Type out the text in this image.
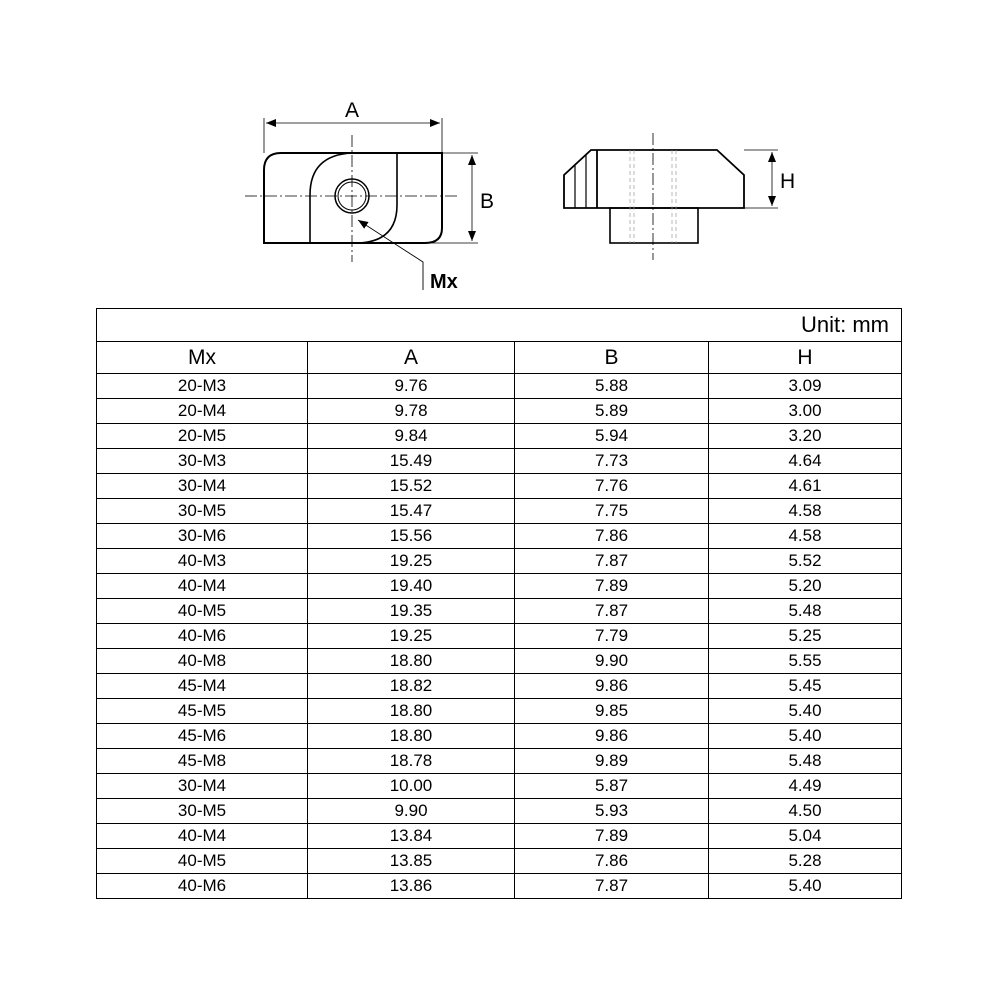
A
B
Mx
H
Unit: mm			
Mx	A	B	H
20-M3	9.76	5.88	3.09
20-M4	9.78	5.89	3.00
20-M5	9.84	5.94	3.20
30-M3	15.49	7.73	4.64
30-M4	15.52	7.76	4.61
30-M5	15.47	7.75	4.58
30-M6	15.56	7.86	4.58
40-M3	19.25	7.87	5.52
40-M4	19.40	7.89	5.20
40-M5	19.35	7.87	5.48
40-M6	19.25	7.79	5.25
40-M8	18.80	9.90	5.55
45-M4	18.82	9.86	5.45
45-M5	18.80	9.85	5.40
45-M6	18.80	9.86	5.40
45-M8	18.78	9.89	5.48
30-M4	10.00	5.87	4.49
30-M5	9.90	5.93	4.50
40-M4	13.84	7.89	5.04
40-M5	13.85	7.86	5.28
40-M6	13.86	7.87	5.40
